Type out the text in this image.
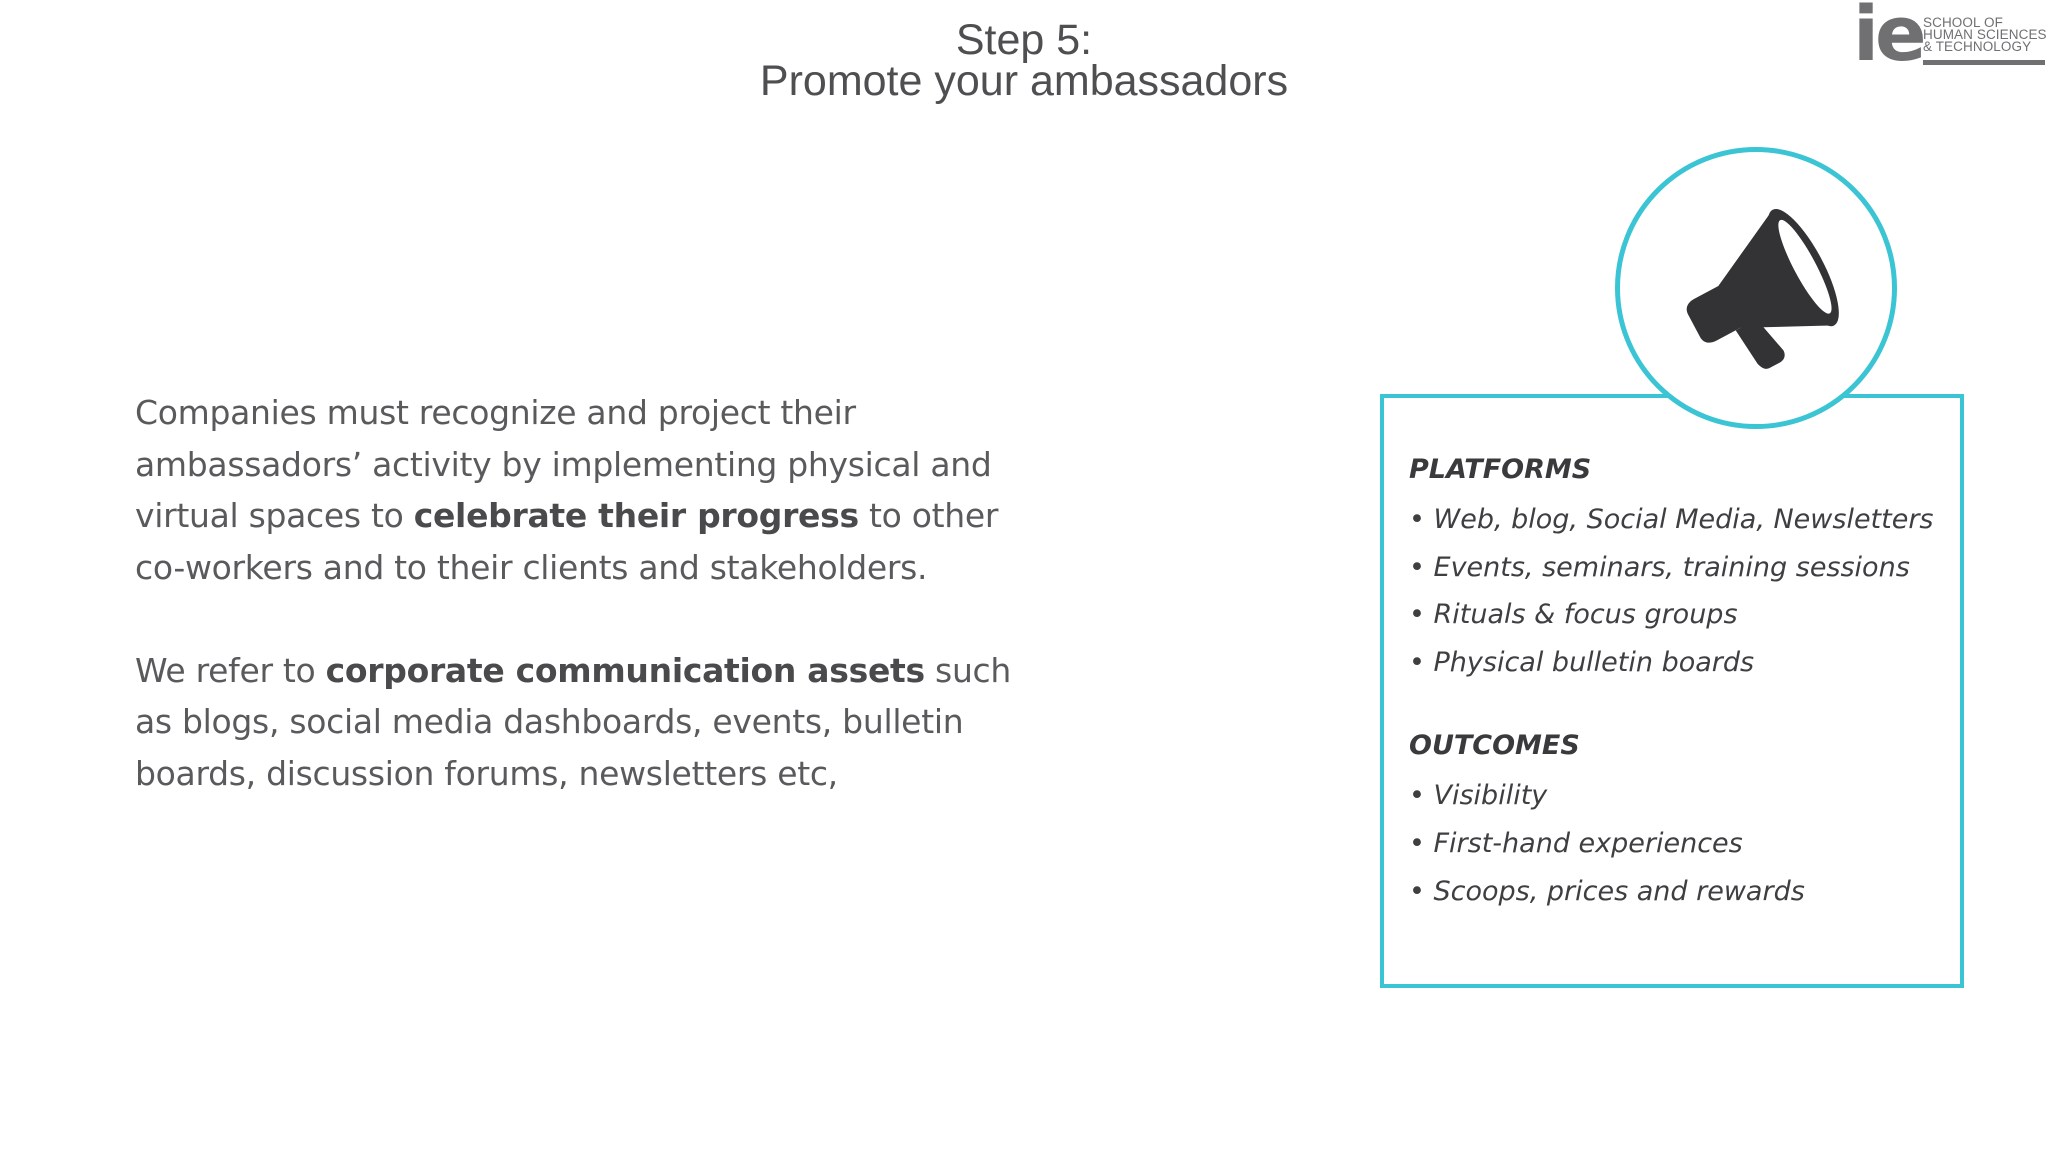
Step 5:
Promote your ambassadors
ie SCHOOL OF
HUMAN SCIENCES
& TECHNOLOGY

Companies must recognize and project their ambassadors’ activity by implementing physical and virtual spaces to celebrate their progress to other co-workers and to their clients and stakeholders.

We refer to corporate communication assets such as blogs, social media dashboards, events, bulletin boards, discussion forums, newsletters etc,

PLATFORMS
• Web, blog, Social Media, Newsletters
• Events, seminars, training sessions
• Rituals & focus groups
• Physical bulletin boards
OUTCOMES
• Visibility
• First-hand experiences
• Scoops, prices and rewards
